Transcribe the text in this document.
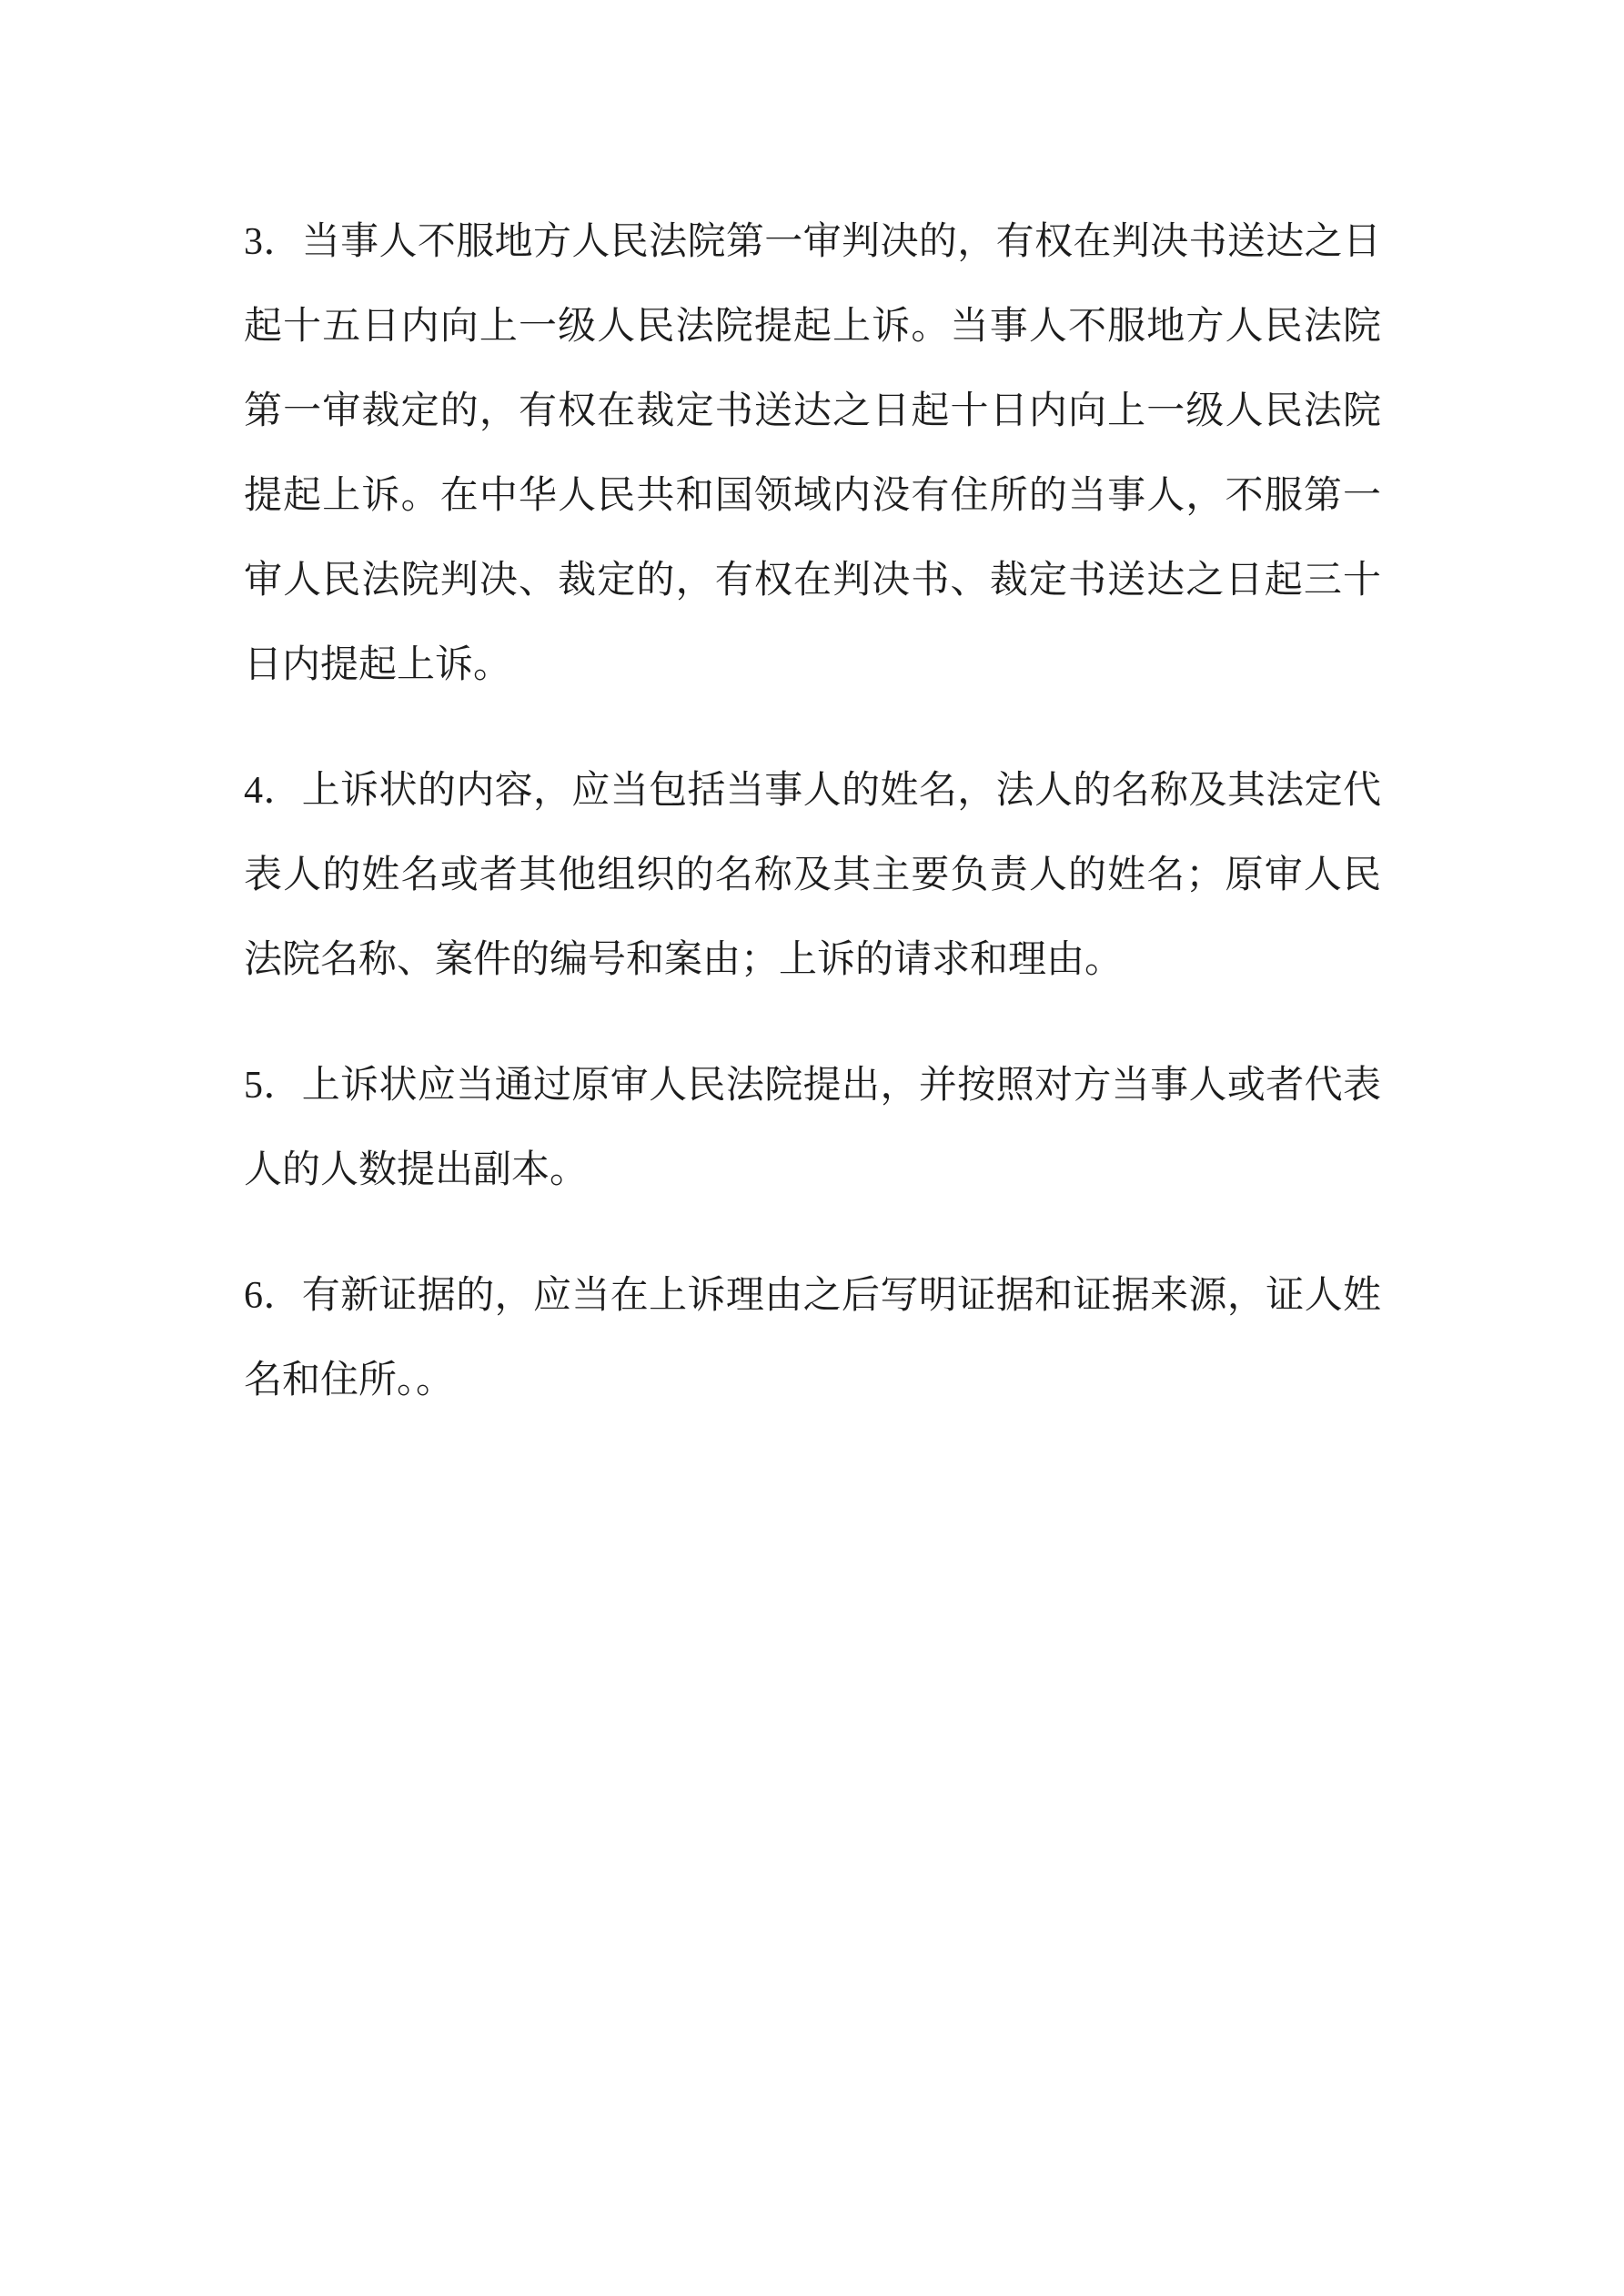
3．当事人不服地方人民法院第一审判决的，有权在判决书送达之日起十五日内向上一级人民法院提起上诉。当事人不服地方人民法院第一审裁定的，有权在裁定书送达之日起十日内向上一级人民法院提起上诉。在中华人民共和国领域内没有住所的当事人，不服第一审人民法院判决、裁定的，有权在判决书、裁定书送达之日起三十日内提起上诉。

4．上诉状的内容，应当包括当事人的姓名，法人的名称及其法定代表人的姓名或者其他组织的名称及其主要负责人的姓名；原审人民法院名称、案件的编号和案由；上诉的请求和理由。

5．上诉状应当通过原审人民法院提出，并按照对方当事人或者代表人的人数提出副本。

6．有新证据的，应当在上诉理由之后写明证据和证据来源，证人姓名和住所。。
